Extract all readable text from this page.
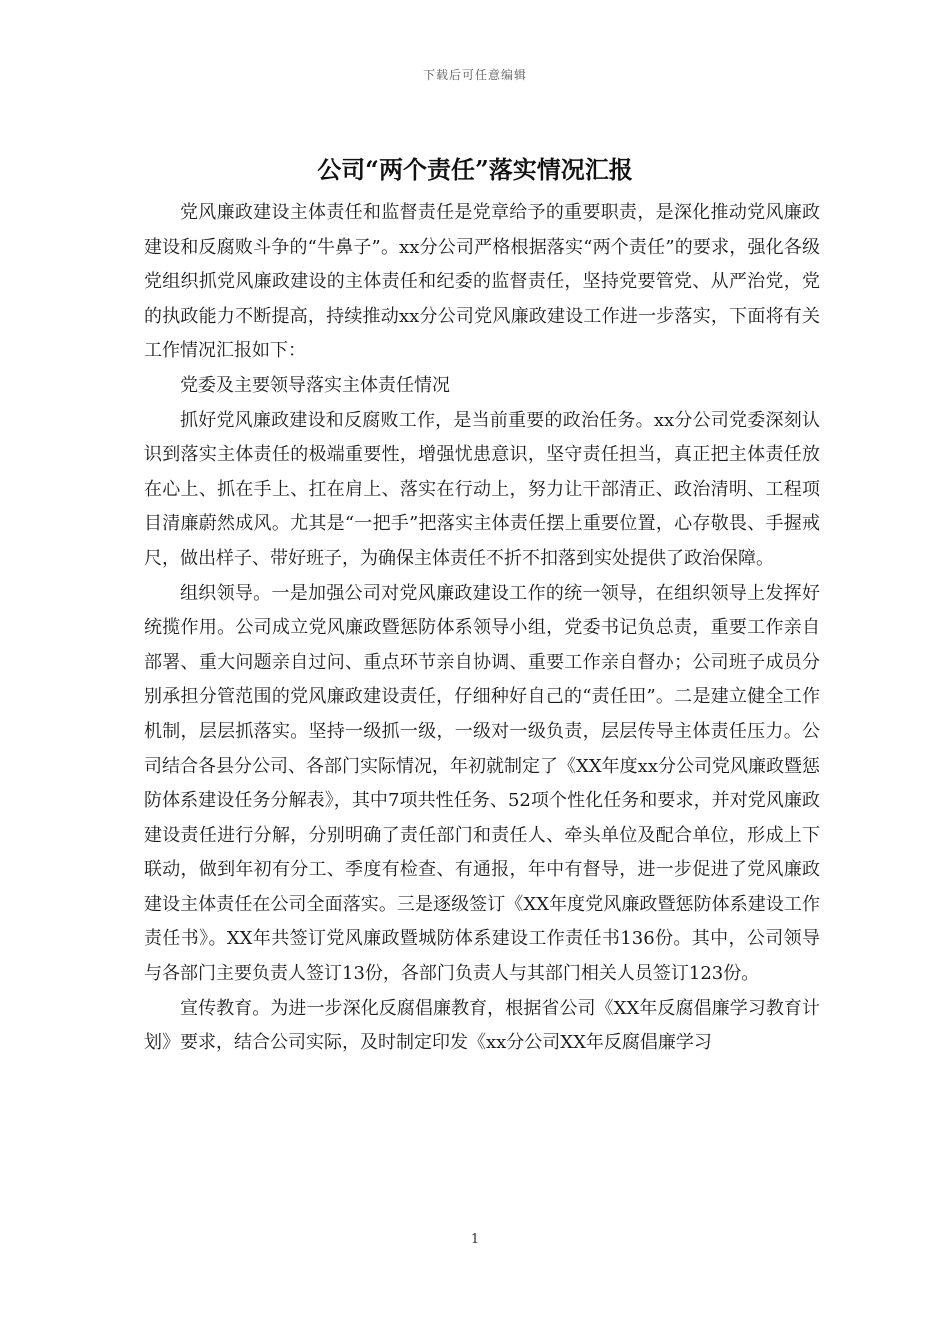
下载后可任意编辑
公司“两个责任”落实情况汇报

党风廉政建设主体责任和监督责任是党章给予的重要职责，是深化推动党风廉政建设和反腐败斗争的“牛鼻子”。xx分公司严格根据落实“两个责任”的要求，强化各级党组织抓党风廉政建设的主体责任和纪委的监督责任，坚持党要管党、从严治党，党的执政能力不断提高，持续推动xx分公司党风廉政建设工作进一步落实，下面将有关工作情况汇报如下：

党委及主要领导落实主体责任情况

抓好党风廉政建设和反腐败工作，是当前重要的政治任务。xx分公司党委深刻认识到落实主体责任的极端重要性，增强忧患意识，坚守责任担当，真正把主体责任放在心上、抓在手上、扛在肩上、落实在行动上，努力让干部清正、政治清明、工程项目清廉蔚然成风。尤其是“一把手”把落实主体责任摆上重要位置，心存敬畏、手握戒尺，做出样子、带好班子，为确保主体责任不折不扣落到实处提供了政治保障。

组织领导。一是加强公司对党风廉政建设工作的统一领导，在组织领导上发挥好统揽作用。公司成立党风廉政暨惩防体系领导小组，党委书记负总责，重要工作亲自部署、重大问题亲自过问、重点环节亲自协调、重要工作亲自督办；公司班子成员分别承担分管范围的党风廉政建设责任，仔细种好自己的“责任田”。二是建立健全工作机制，层层抓落实。坚持一级抓一级，一级对一级负责，层层传导主体责任压力。公司结合各县分公司、各部门实际情况，年初就制定了《XX年度xx分公司党风廉政暨惩防体系建设任务分解表》，其中7项共性任务、52项个性化任务和要求，并对党风廉政建设责任进行分解，分别明确了责任部门和责任人、牵头单位及配合单位，形成上下联动，做到年初有分工、季度有检查、有通报，年中有督导，进一步促进了党风廉政建设主体责任在公司全面落实。三是逐级签订《XX年度党风廉政暨惩防体系建设工作责任书》。XX年共签订党风廉政暨城防体系建设工作责任书136份。其中，公司领导与各部门主要负责人签订13份，各部门负责人与其部门相关人员签订123份。

宣传教育。为进一步深化反腐倡廉教育，根据省公司《XX年反腐倡廉学习教育计划》要求，结合公司实际，及时制定印发《xx分公司XX年反腐倡廉学习

1
